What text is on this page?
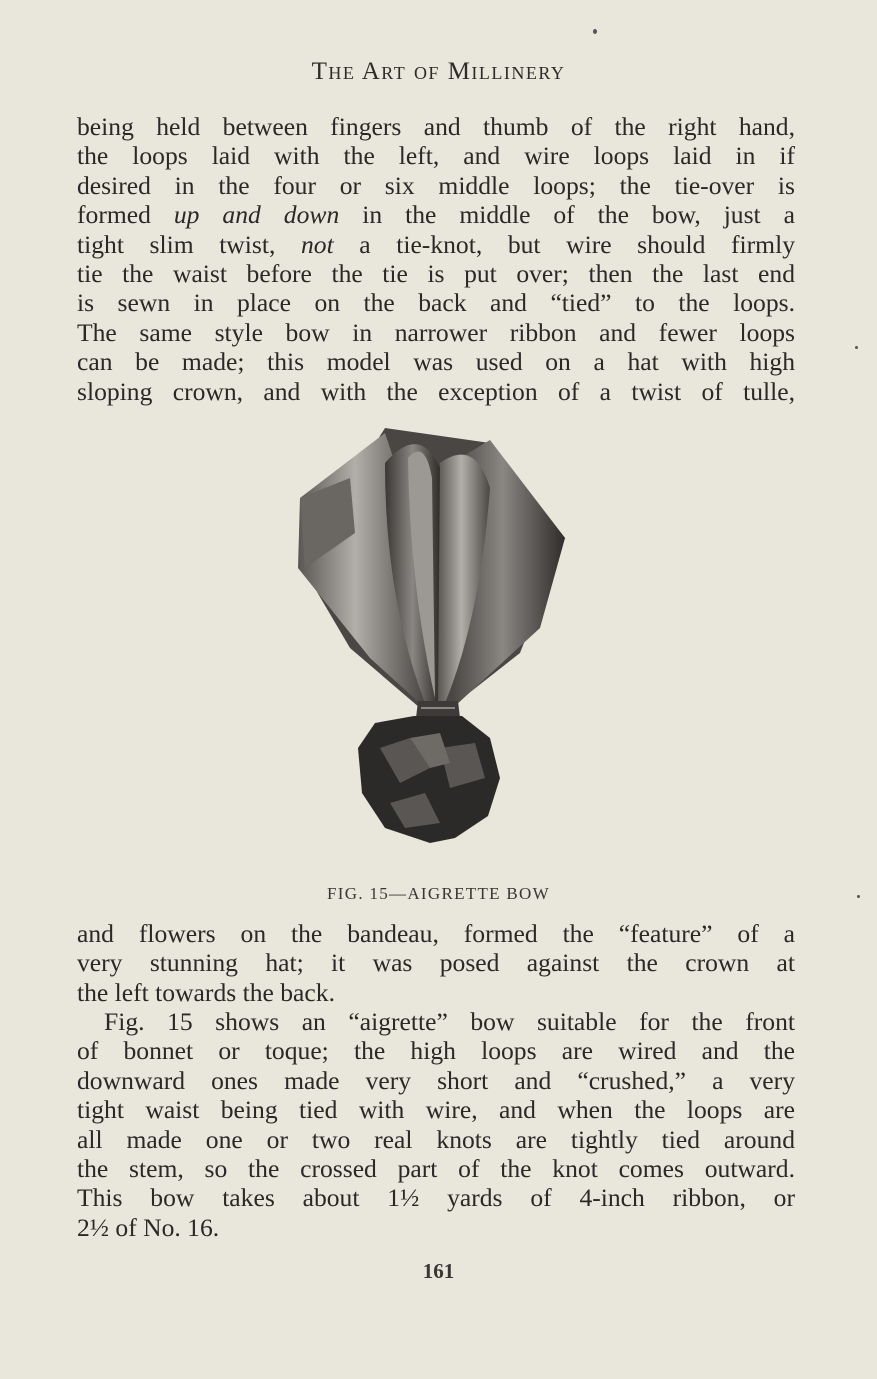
The Art of Millinery
being held between fingers and thumb of the right hand,
the loops laid with the left, and wire loops laid in if
desired in the four or six middle loops; the tie-over is
formed up and down in the middle of the bow, just a
tight slim twist, not a tie-knot, but wire should firmly
tie the waist before the tie is put over; then the last end
is sewn in place on the back and “tied” to the loops.
The same style bow in narrower ribbon and fewer loops
can be made; this model was used on a hat with high
sloping crown, and with the exception of a twist of tulle,
FIG. 15—AIGRETTE BOW
and flowers on the bandeau, formed the “feature” of a
very stunning hat; it was posed against the crown at
the left towards the back.
Fig. 15 shows an “aigrette” bow suitable for the front
of bonnet or toque; the high loops are wired and the
downward ones made very short and “crushed,” a very
tight waist being tied with wire, and when the loops are
all made one or two real knots are tightly tied around
the stem, so the crossed part of the knot comes outward.
This bow takes about 1½ yards of 4-inch ribbon, or
2½ of No. 16.
161
